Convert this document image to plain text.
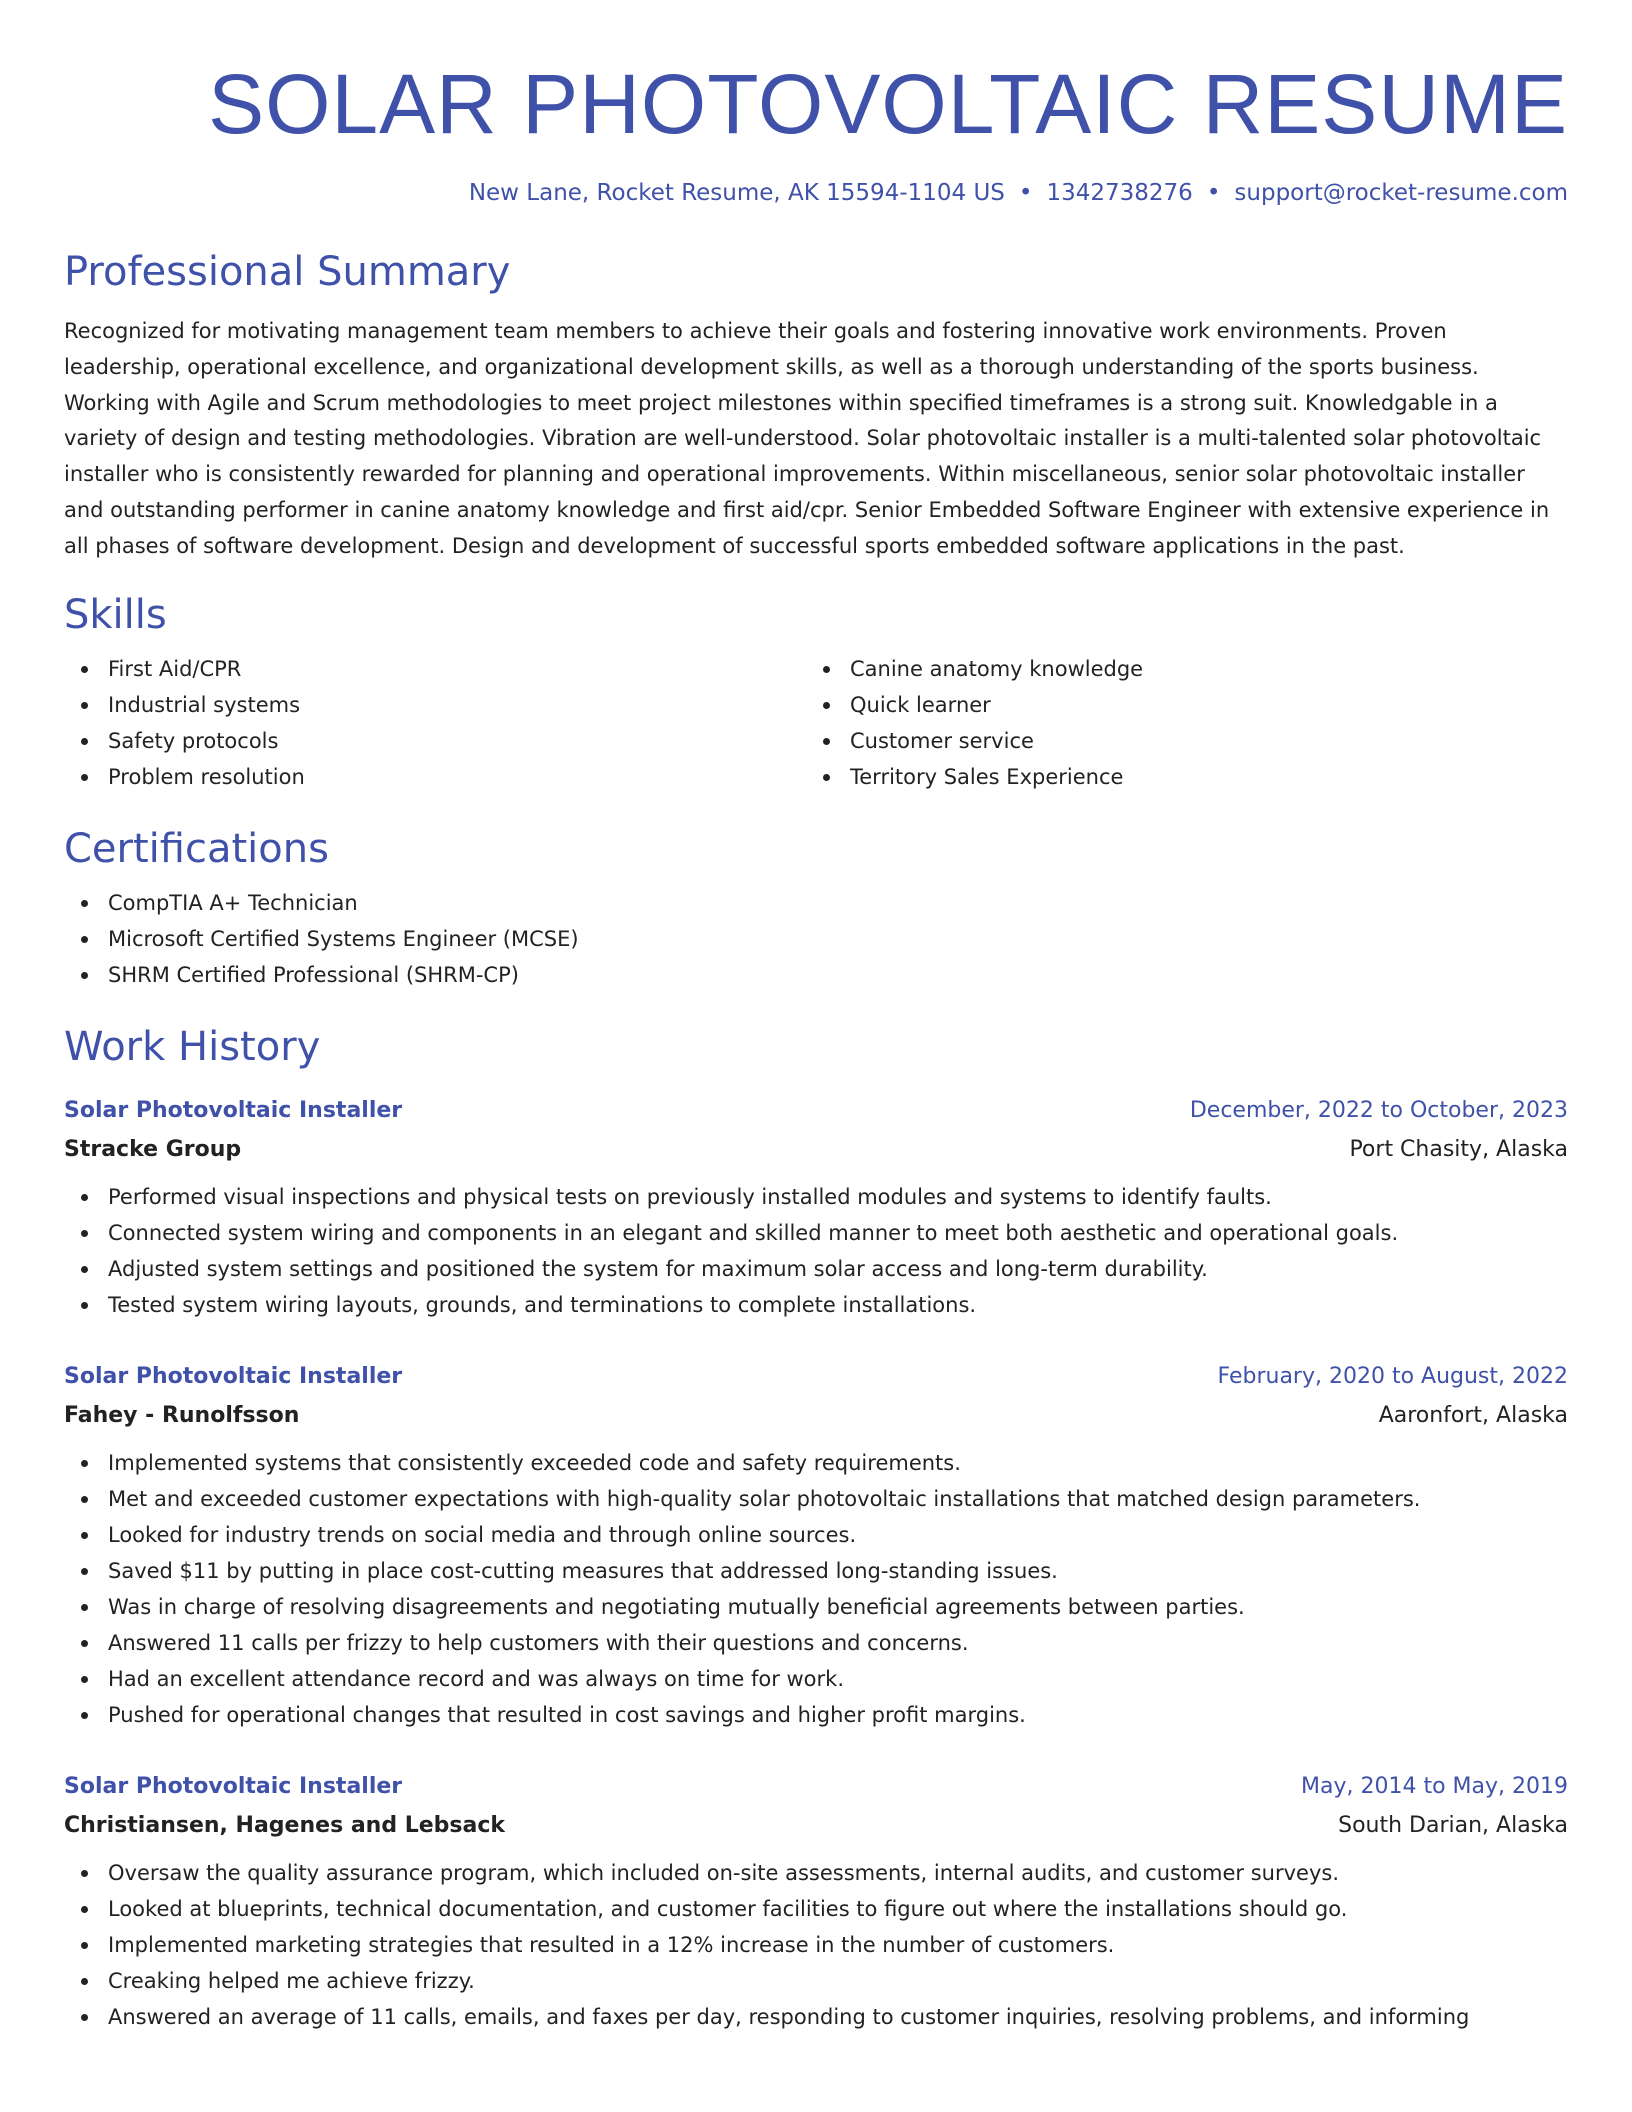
SOLAR PHOTOVOLTAIC RESUME
New Lane, Rocket Resume, AK 15594-1104 US • 1342738276 • support@rocket-resume.com
Professional Summary
Recognized for motivating management team members to achieve their goals and fostering innovative work environments. Proven leadership, operational excellence, and organizational development skills, as well as a thorough understanding of the sports business. Working with Agile and Scrum methodologies to meet project milestones within specified timeframes is a strong suit. Knowledgable in a variety of design and testing methodologies. Vibration are well-understood. Solar photovoltaic installer is a multi-talented solar photovoltaic installer who is consistently rewarded for planning and operational improvements. Within miscellaneous, senior solar photovoltaic installer and outstanding performer in canine anatomy knowledge and first aid/cpr. Senior Embedded Software Engineer with extensive experience in all phases of software development. Design and development of successful sports embedded software applications in the past.
Skills
First Aid/CPR
Industrial systems
Safety protocols
Problem resolution
Canine anatomy knowledge
Quick learner
Customer service
Territory Sales Experience
Certifications
CompTIA A+ Technician
Microsoft Certified Systems Engineer (MCSE)
SHRM Certified Professional (SHRM-CP)
Work History
Solar Photovoltaic Installer	December, 2022 to October, 2023
Stracke Group	Port Chasity, Alaska
Performed visual inspections and physical tests on previously installed modules and systems to identify faults.
Connected system wiring and components in an elegant and skilled manner to meet both aesthetic and operational goals.
Adjusted system settings and positioned the system for maximum solar access and long-term durability.
Tested system wiring layouts, grounds, and terminations to complete installations.
Solar Photovoltaic Installer	February, 2020 to August, 2022
Fahey - Runolfsson	Aaronfort, Alaska
Implemented systems that consistently exceeded code and safety requirements.
Met and exceeded customer expectations with high-quality solar photovoltaic installations that matched design parameters.
Looked for industry trends on social media and through online sources.
Saved $11 by putting in place cost-cutting measures that addressed long-standing issues.
Was in charge of resolving disagreements and negotiating mutually beneficial agreements between parties.
Answered 11 calls per frizzy to help customers with their questions and concerns.
Had an excellent attendance record and was always on time for work.
Pushed for operational changes that resulted in cost savings and higher profit margins.
Solar Photovoltaic Installer	May, 2014 to May, 2019
Christiansen, Hagenes and Lebsack	South Darian, Alaska
Oversaw the quality assurance program, which included on-site assessments, internal audits, and customer surveys.
Looked at blueprints, technical documentation, and customer facilities to figure out where the installations should go.
Implemented marketing strategies that resulted in a 12% increase in the number of customers.
Creaking helped me achieve frizzy.
Answered an average of 11 calls, emails, and faxes per day, responding to customer inquiries, resolving problems, and informing
